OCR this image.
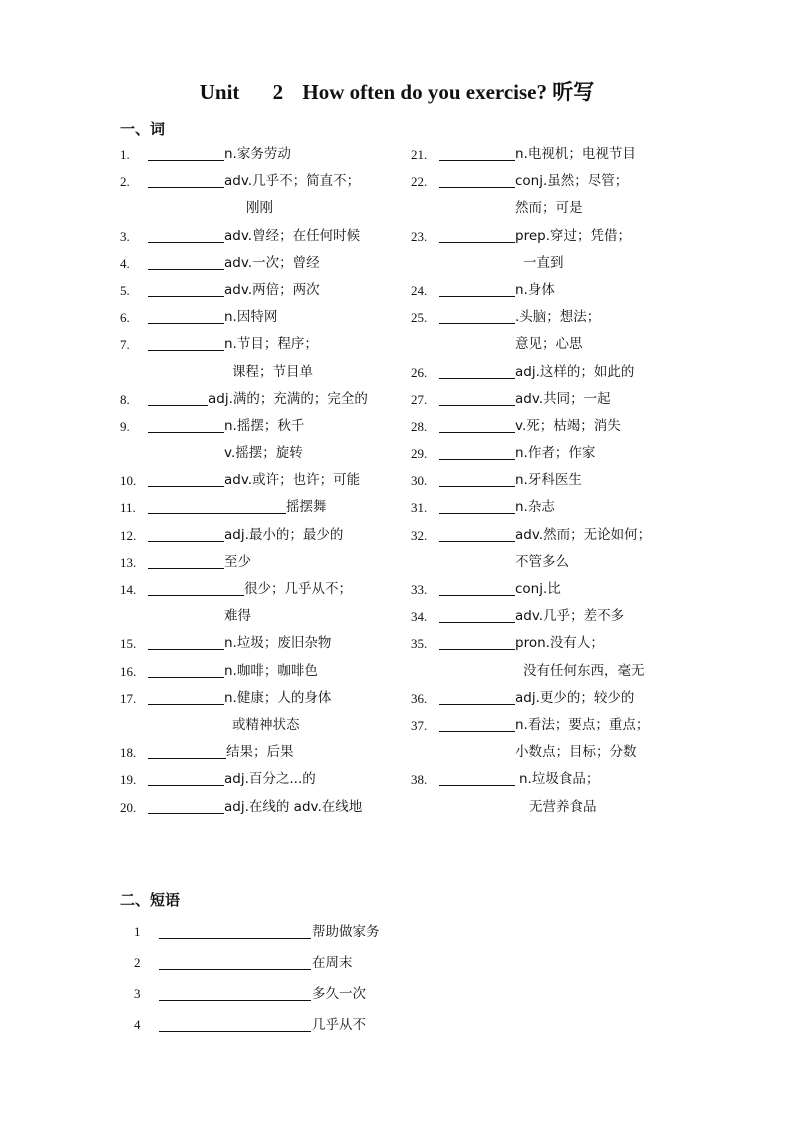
Unit 2 How often do you exercise? 听写
一、词
1.	n.家务劳动
2.	adv.几乎不；简直不；
刚刚
3.	adv.曾经；在任何时候
4.	adv.一次；曾经
5.	adv.两倍；两次
6.	n.因特网
7.	n.节目；程序；
课程；节目单
8.	adj.满的；充满的；完全的
9.	n.摇摆；秋千
v.摇摆；旋转
10.	adv.或许；也许；可能
11.	摇摆舞
12.	adj.最小的；最少的
13.	至少
14.	很少；几乎从不；
难得
15.	n.垃圾；废旧杂物
16.	n.咖啡；咖啡色
17.	n.健康；人的身体
或精神状态
18.	结果；后果
19.	adj.百分之...的
20.	adj.在线的 adv.在线地
21.	n.电视机；电视节目
22.	conj.虽然；尽管；
然而；可是
23.	prep.穿过；凭借；
一直到
24.	n.身体
25.	.头脑；想法；
意见；心思
26.	adj.这样的；如此的
27.	adv.共同；一起
28.	v.死；枯竭；消失
29.	n.作者；作家
30.	n.牙科医生
31.	n.杂志
32.	adv.然而；无论如何；
不管多么
33.	conj.比
34.	adv.几乎；差不多
35.	pron.没有人；
没有任何东西，毫无
36.	adj.更少的；较少的
37.	n.看法；要点；重点；
小数点；目标；分数
38.	n.垃圾食品；
无营养食品
二、短语
1	帮助做家务
2	在周末
3	多久一次
4	几乎从不
